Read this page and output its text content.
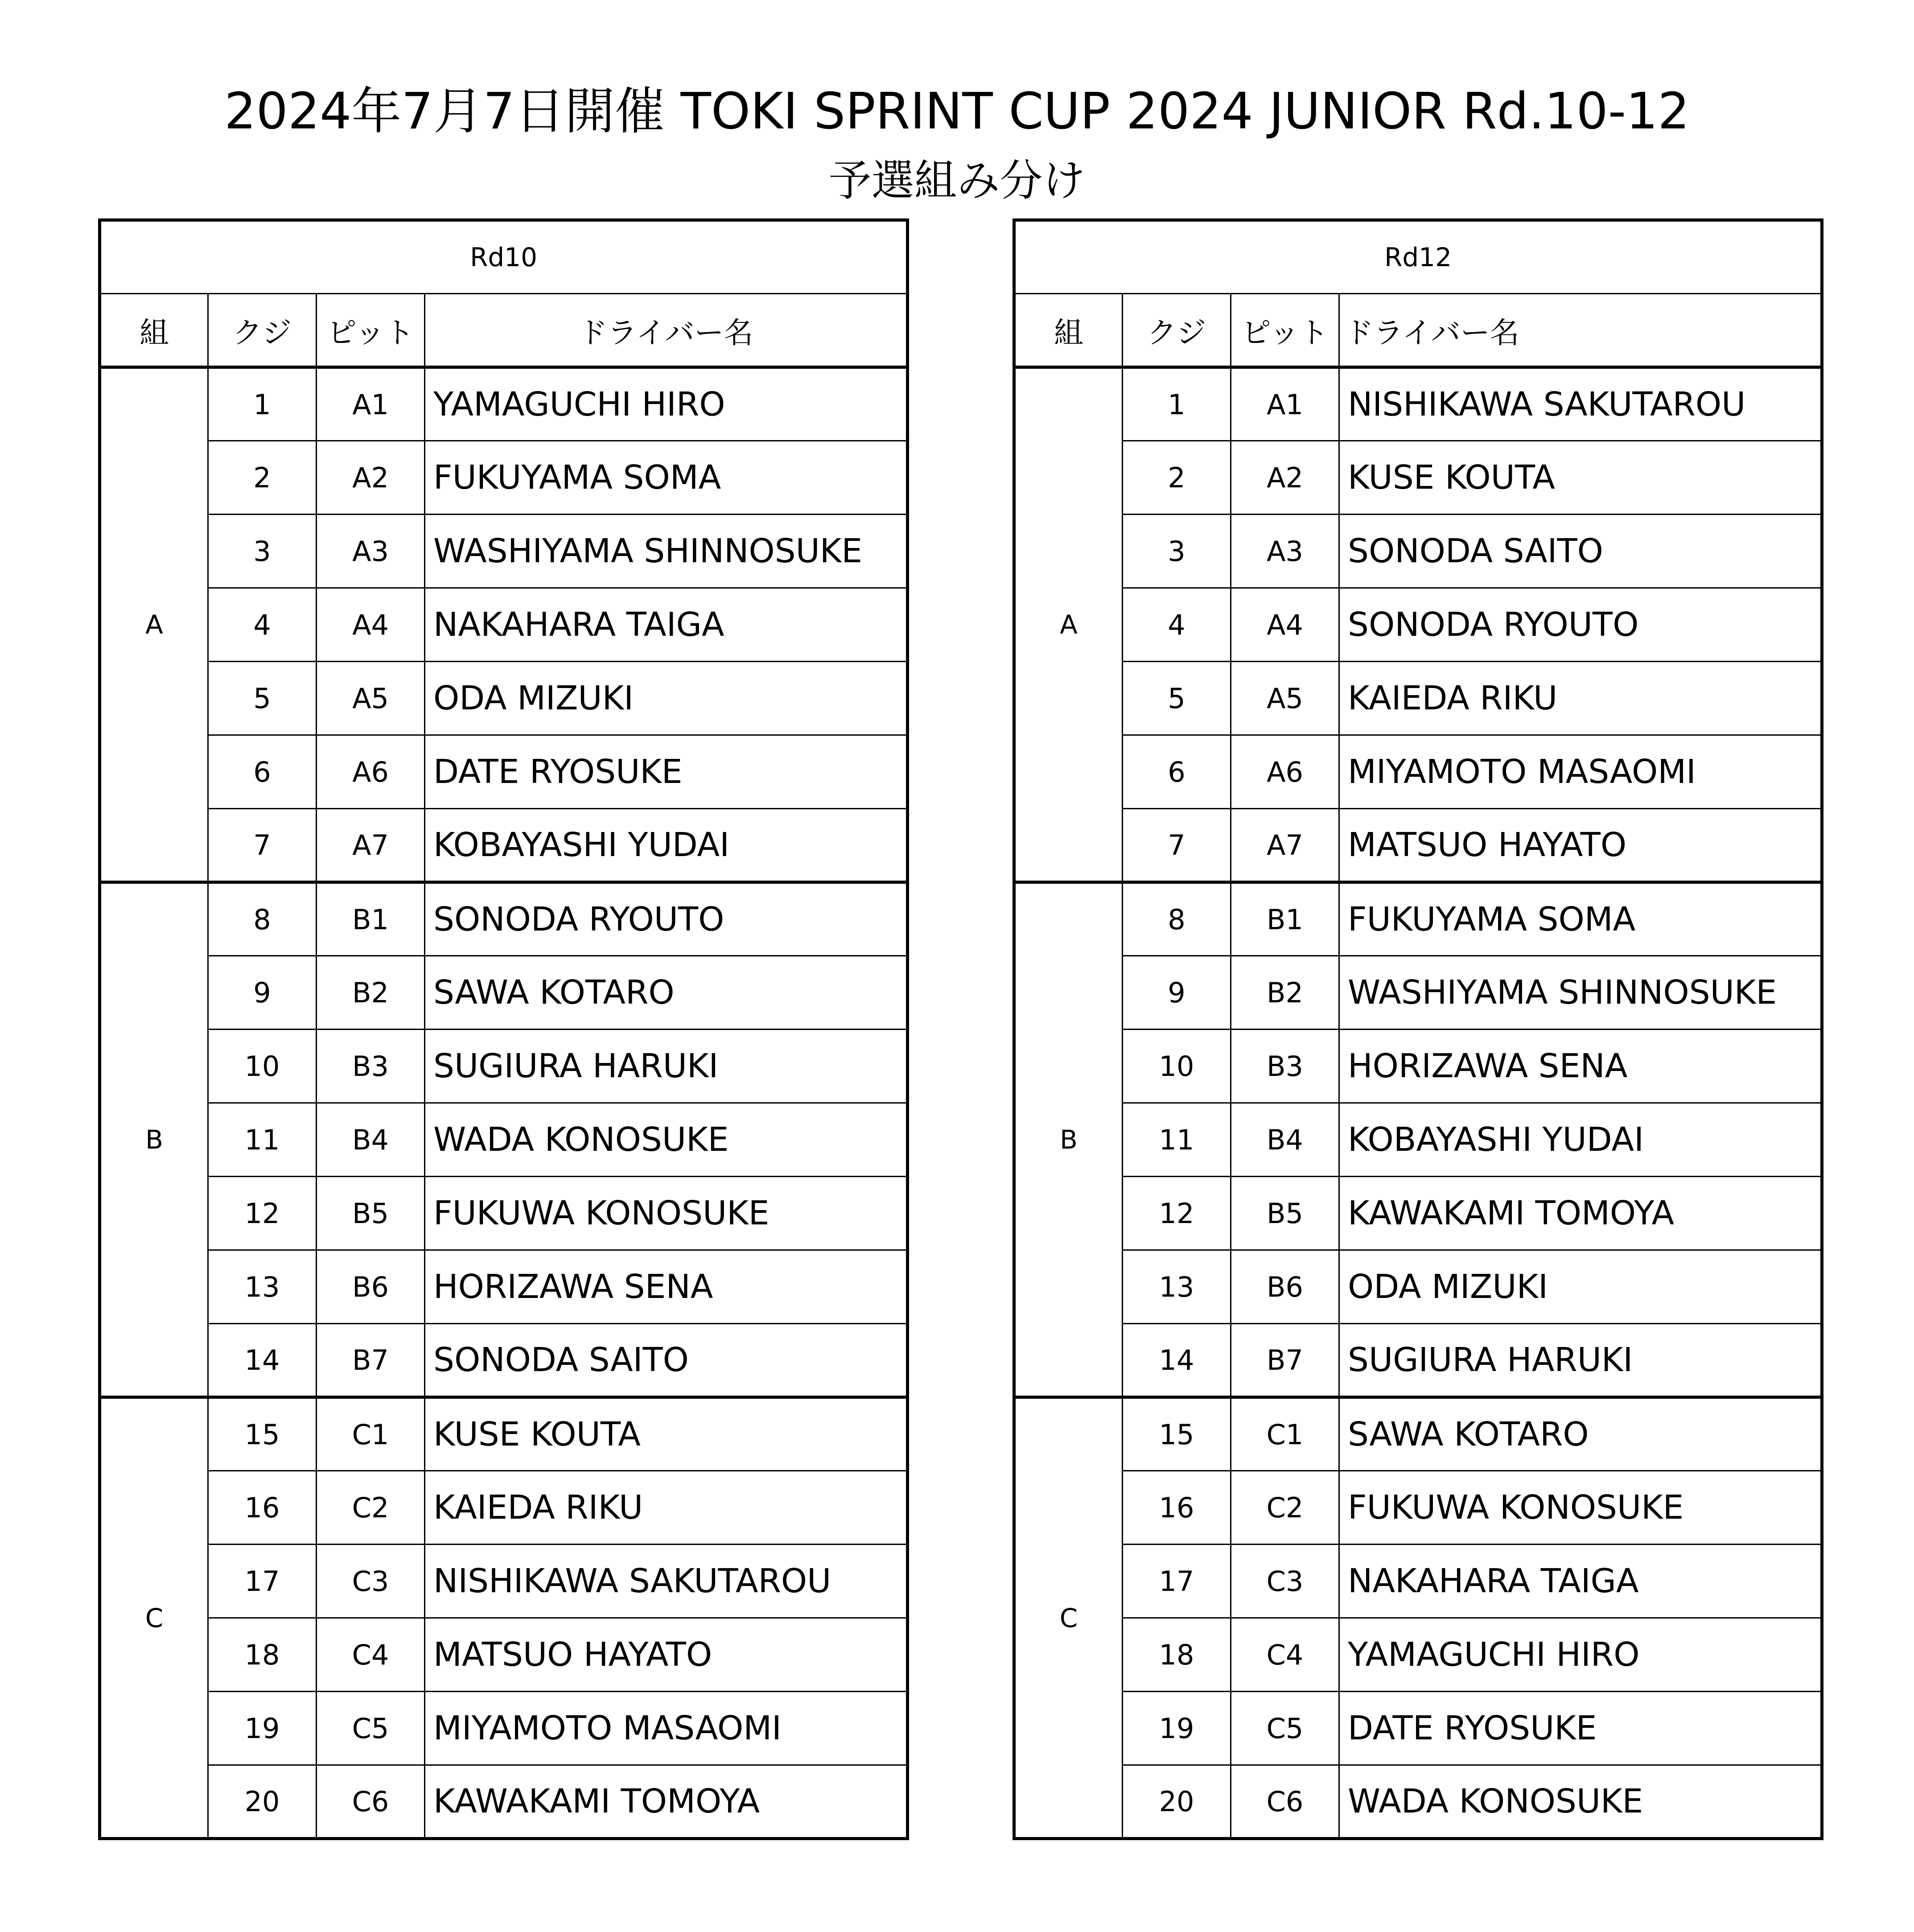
2024年7月7日開催 TOKI SPRINT CUP 2024 JUNIOR Rd.10-12
予選組み分け
Rd10			
組	クジ	ピット	ドライバー名
A	1	A1	YAMAGUCHI HIRO
	2	A2	FUKUYAMA SOMA
	3	A3	WASHIYAMA SHINNOSUKE
	4	A4	NAKAHARA TAIGA
	5	A5	ODA MIZUKI
	6	A6	DATE RYOSUKE
	7	A7	KOBAYASHI YUDAI
B	8	B1	SONODA RYOUTO
	9	B2	SAWA KOTARO
	10	B3	SUGIURA HARUKI
	11	B4	WADA KONOSUKE
	12	B5	FUKUWA KONOSUKE
	13	B6	HORIZAWA SENA
	14	B7	SONODA SAITO
C	15	C1	KUSE KOUTA
	16	C2	KAIEDA RIKU
	17	C3	NISHIKAWA SAKUTAROU
	18	C4	MATSUO HAYATO
	19	C5	MIYAMOTO MASAOMI
	20	C6	KAWAKAMI TOMOYA
Rd12			
組	クジ	ピット	ドライバー名
A	1	A1	NISHIKAWA SAKUTAROU
	2	A2	KUSE KOUTA
	3	A3	SONODA SAITO
	4	A4	SONODA RYOUTO
	5	A5	KAIEDA RIKU
	6	A6	MIYAMOTO MASAOMI
	7	A7	MATSUO HAYATO
B	8	B1	FUKUYAMA SOMA
	9	B2	WASHIYAMA SHINNOSUKE
	10	B3	HORIZAWA SENA
	11	B4	KOBAYASHI YUDAI
	12	B5	KAWAKAMI TOMOYA
	13	B6	ODA MIZUKI
	14	B7	SUGIURA HARUKI
C	15	C1	SAWA KOTARO
	16	C2	FUKUWA KONOSUKE
	17	C3	NAKAHARA TAIGA
	18	C4	YAMAGUCHI HIRO
	19	C5	DATE RYOSUKE
	20	C6	WADA KONOSUKE
